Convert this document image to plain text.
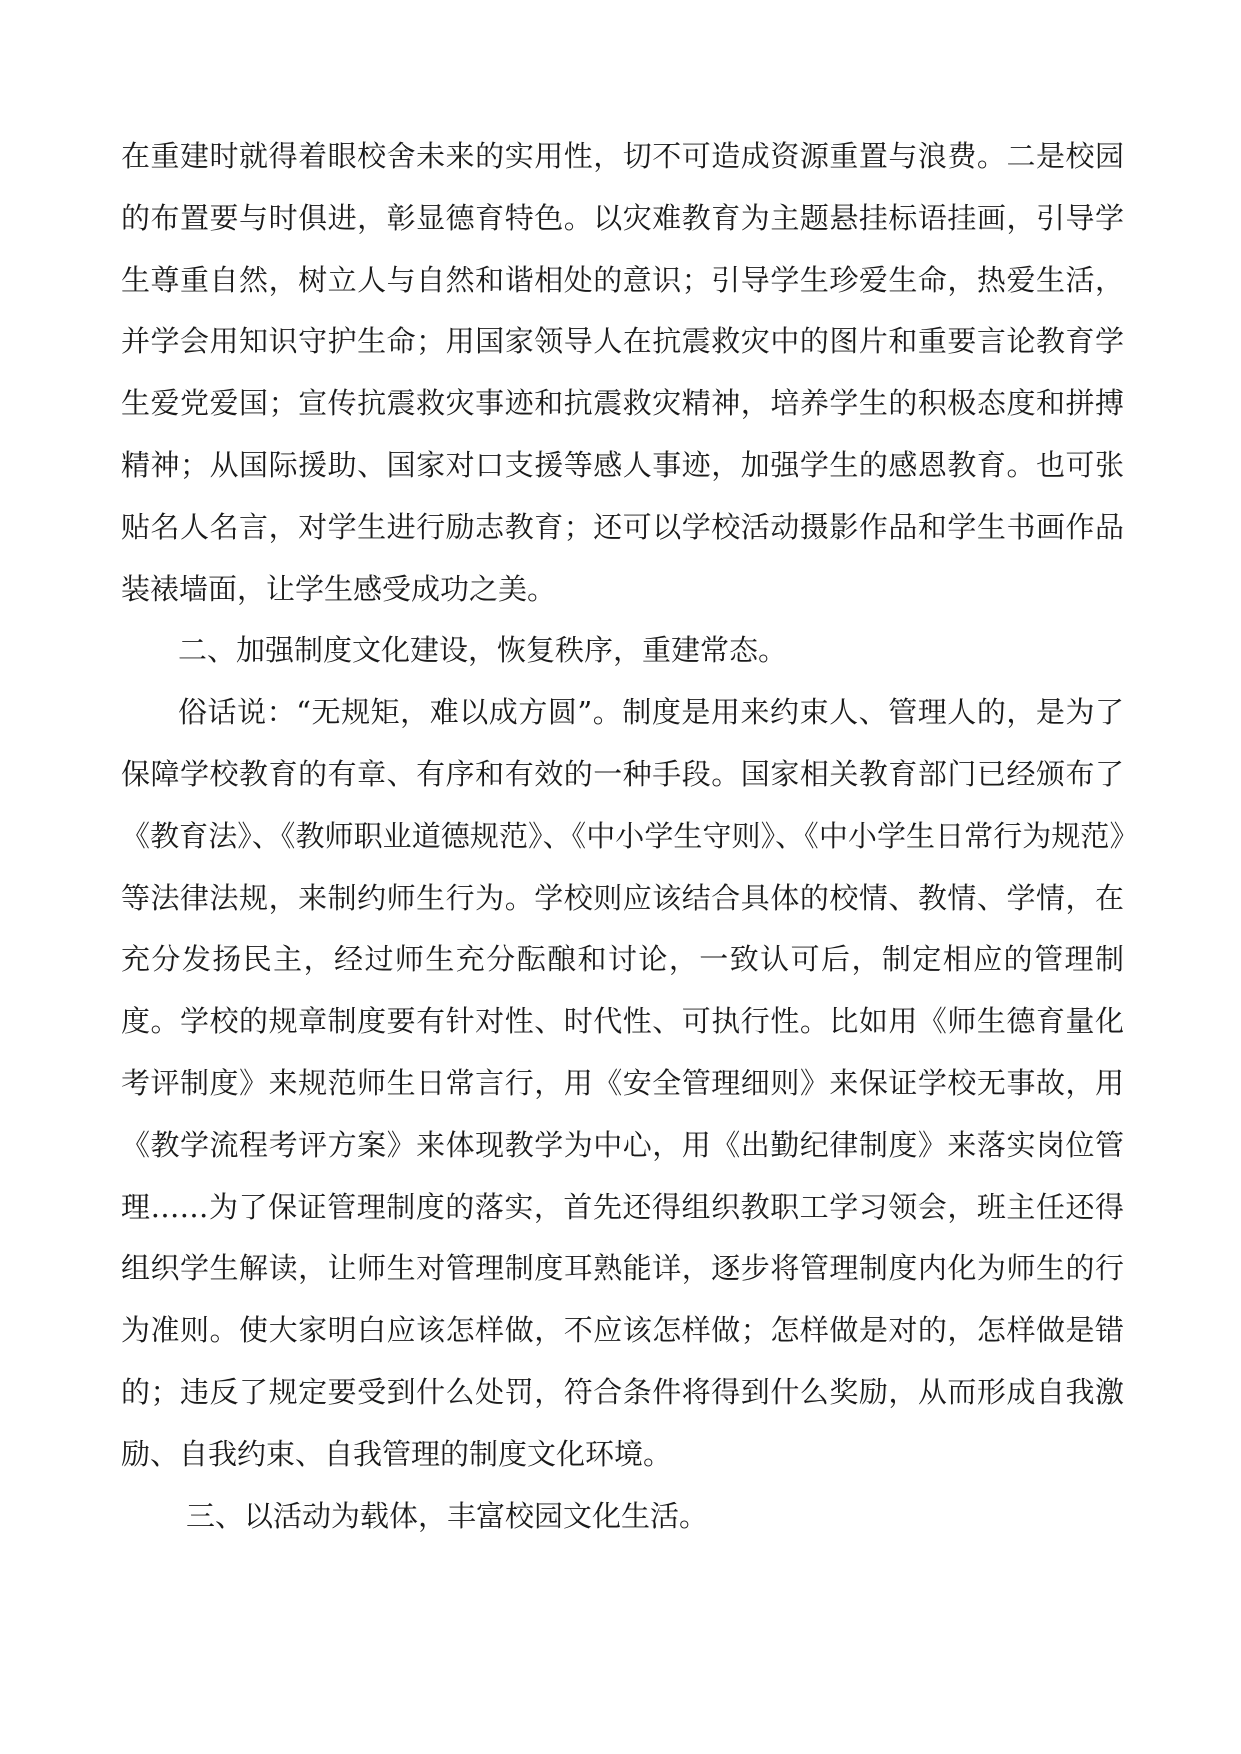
在重建时就得着眼校舍未来的实用性，切不可造成资源重置与浪费。二是校园的布置要与时俱进，彰显德育特色。以灾难教育为主题悬挂标语挂画，引导学生尊重自然，树立人与自然和谐相处的意识；引导学生珍爱生命，热爱生活，并学会用知识守护生命；用国家领导人在抗震救灾中的图片和重要言论教育学生爱党爱国；宣传抗震救灾事迹和抗震救灾精神，培养学生的积极态度和拼搏精神；从国际援助、国家对口支援等感人事迹，加强学生的感恩教育。也可张贴名人名言，对学生进行励志教育；还可以学校活动摄影作品和学生书画作品装裱墙面，让学生感受成功之美。

二、加强制度文化建设，恢复秩序，重建常态。

俗话说：“无规矩，难以成方圆”。制度是用来约束人、管理人的，是为了保障学校教育的有章、有序和有效的一种手段。国家相关教育部门已经颁布了《教育法》、《教师职业道德规范》、《中小学生守则》、《中小学生日常行为规范》等法律法规，来制约师生行为。学校则应该结合具体的校情、教情、学情，在充分发扬民主，经过师生充分酝酿和讨论，一致认可后，制定相应的管理制度。学校的规章制度要有针对性、时代性、可执行性。比如用《师生德育量化考评制度》来规范师生日常言行，用《安全管理细则》来保证学校无事故，用《教学流程考评方案》来体现教学为中心，用《出勤纪律制度》来落实岗位管理……为了保证管理制度的落实，首先还得组织教职工学习领会，班主任还得组织学生解读，让师生对管理制度耳熟能详，逐步将管理制度内化为师生的行为准则。使大家明白应该怎样做，不应该怎样做；怎样做是对的，怎样做是错的；违反了规定要受到什么处罚，符合条件将得到什么奖励，从而形成自我激励、自我约束、自我管理的制度文化环境。

三、以活动为载体，丰富校园文化生活。
